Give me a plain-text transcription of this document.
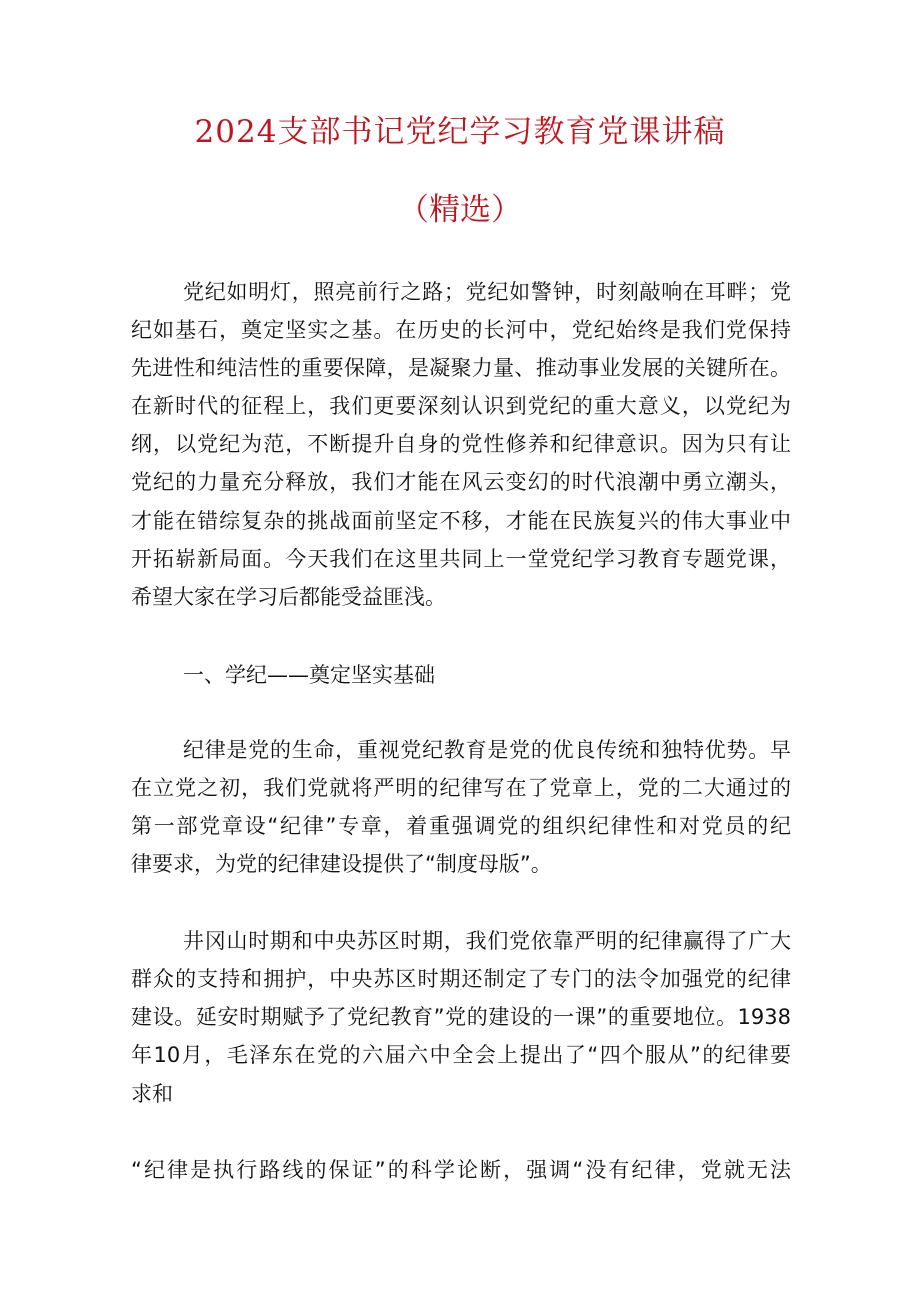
2024支部书记党纪学习教育党课讲稿
（精选）
党纪如明灯，照亮前行之路；党纪如警钟，时刻敲响在耳畔；党
纪如基石，奠定坚实之基。在历史的长河中，党纪始终是我们党保持
先进性和纯洁性的重要保障，是凝聚力量、推动事业发展的关键所在。
在新时代的征程上，我们更要深刻认识到党纪的重大意义，以党纪为
纲，以党纪为范，不断提升自身的党性修养和纪律意识。因为只有让
党纪的力量充分释放，我们才能在风云变幻的时代浪潮中勇立潮头，
才能在错综复杂的挑战面前坚定不移，才能在民族复兴的伟大事业中
开拓崭新局面。今天我们在这里共同上一堂党纪学习教育专题党课，
希望大家在学习后都能受益匪浅。
一、学纪——奠定坚实基础
纪律是党的生命，重视党纪教育是党的优良传统和独特优势。早
在立党之初，我们党就将严明的纪律写在了党章上，党的二大通过的
第一部党章设“纪律”专章，着重强调党的组织纪律性和对党员的纪
律要求，为党的纪律建设提供了“制度母版”。
井冈山时期和中央苏区时期，我们党依靠严明的纪律赢得了广大
群众的支持和拥护，中央苏区时期还制定了专门的法令加强党的纪律
建设。延安时期赋予了党纪教育”党的建设的一课”的重要地位。1938
年10月，毛泽东在党的六届六中全会上提出了“四个服从”的纪律要
求和
“纪律是执行路线的保证”的科学论断，强调“没有纪律，党就无法
